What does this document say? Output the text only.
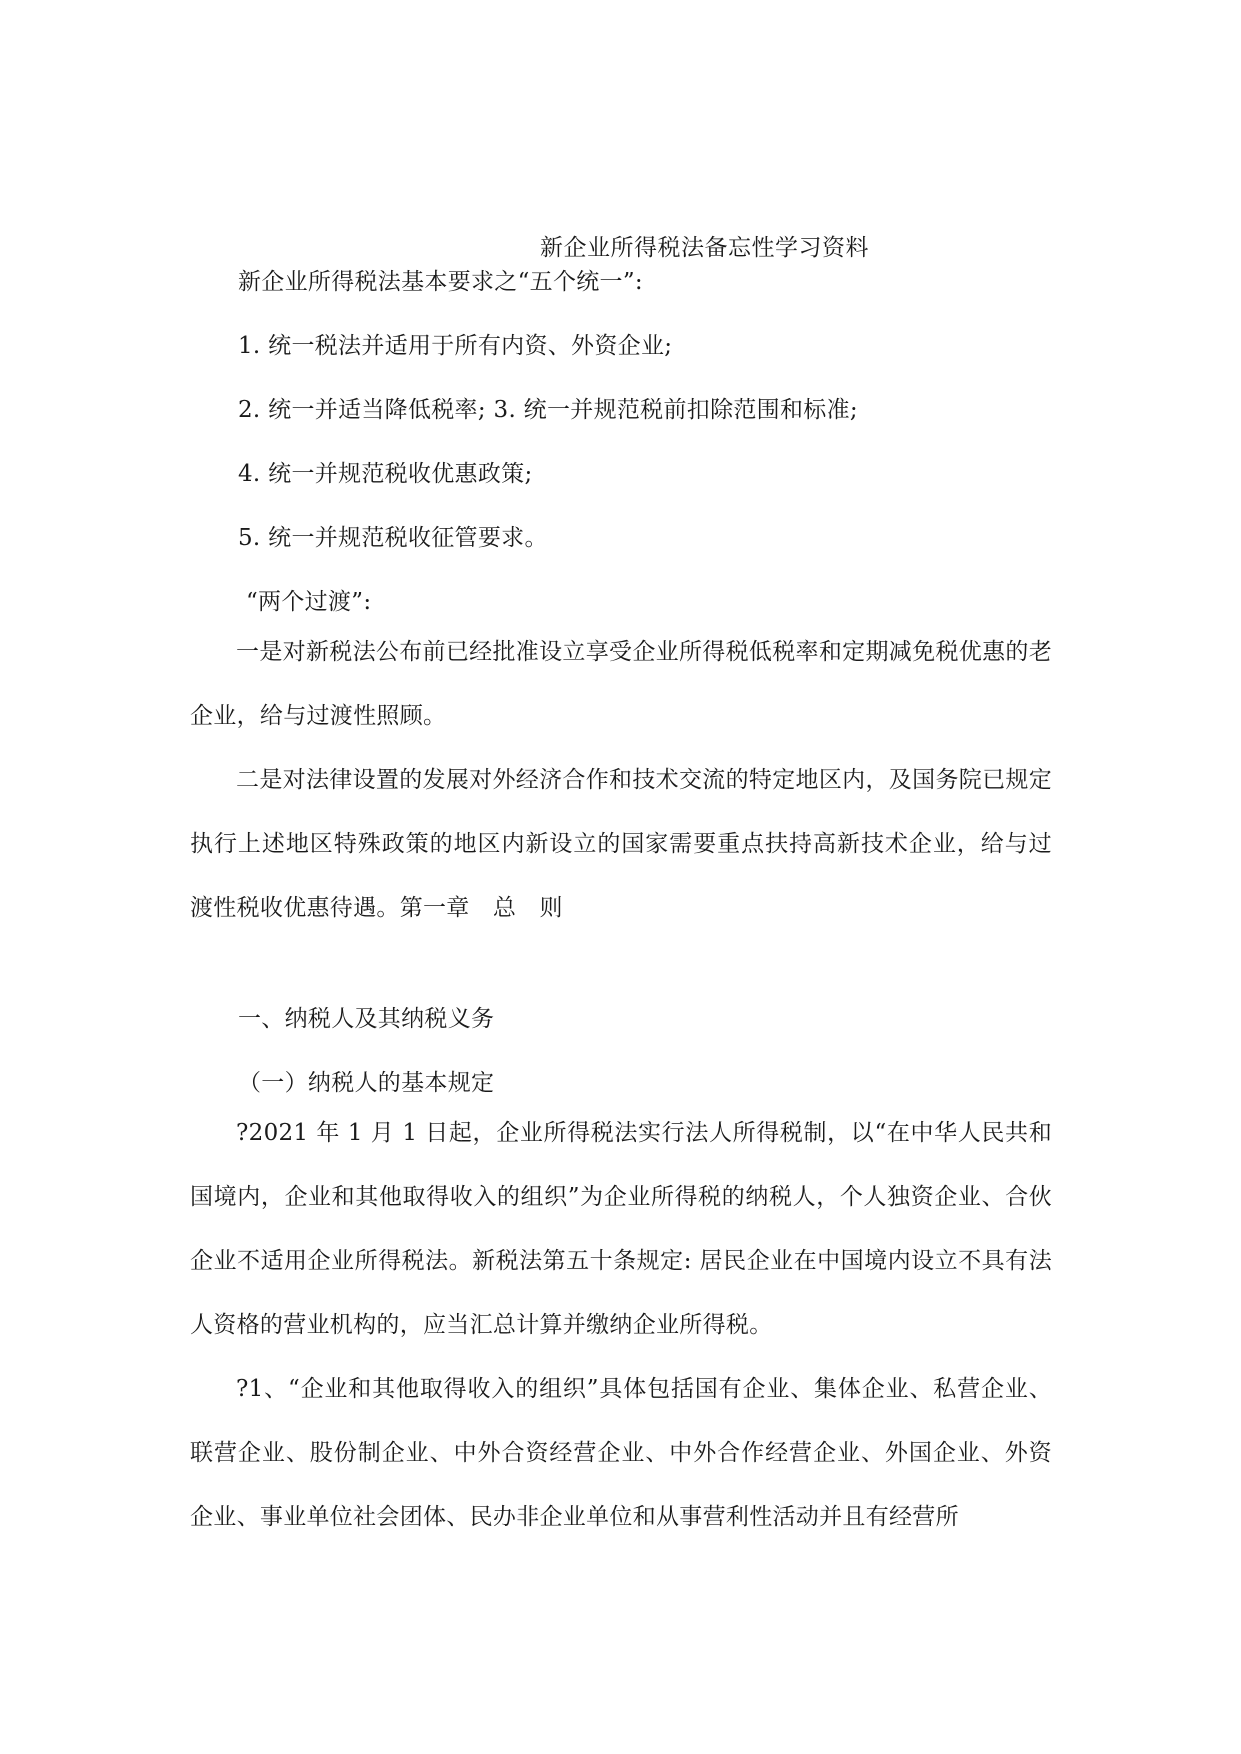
新企业所得税法备忘性学习资料
新企业所得税法基本要求之“五个统一”:
1. 统一税法并适用于所有内资、外资企业;
2. 统一并适当降低税率; 3. 统一并规范税前扣除范围和标准;
4. 统一并规范税收优惠政策;
5. 统一并规范税收征管要求。
“两个过渡”:
一是对新税法公布前已经批准设立享受企业所得税低税率和定期减免税优惠的老企业，给与过渡性照顾。
二是对法律设置的发展对外经济合作和技术交流的特定地区内，及国务院已规定执行上述地区特殊政策的地区内新设立的国家需要重点扶持高新技术企业，给与过渡性税收优惠待遇。第一章　总　则
一、纳税人及其纳税义务
（一）纳税人的基本规定
?2021 年 1 月 1 日起，企业所得税法实行法人所得税制，以“在中华人民共和国境内，企业和其他取得收入的组织”为企业所得税的纳税人，个人独资企业、合伙企业不适用企业所得税法。新税法第五十条规定: 居民企业在中国境内设立不具有法人资格的营业机构的，应当汇总计算并缴纳企业所得税。
?1、“企业和其他取得收入的组织”具体包括国有企业、集体企业、私营企业、联营企业、股份制企业、中外合资经营企业、中外合作经营企业、外国企业、外资企业、事业单位社会团体、民办非企业单位和从事营利性活动并且有经营所
